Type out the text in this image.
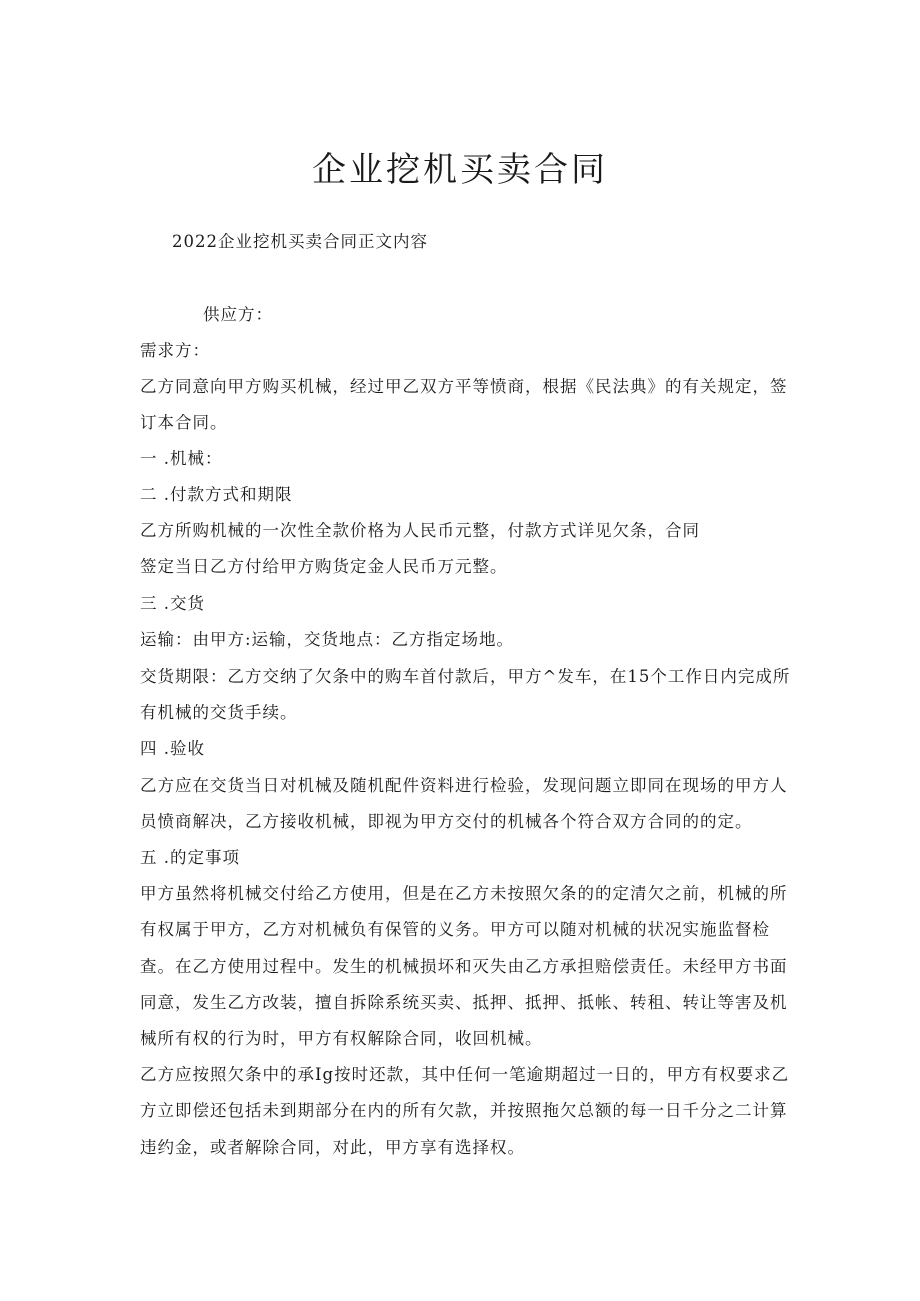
企业挖机买卖合同
2022企业挖机买卖合同正文内容
供应方：
需求方：
乙方同意向甲方购买机械，经过甲乙双方平等愤商，根据《民法典》的有关规定，签
订本合同。
一 .机械：
二 .付款方式和期限
乙方所购机械的一次性全款价格为人民币元整，付款方式详见欠条，合同
签定当日乙方付给甲方购货定金人民币万元整。
三 .交货
运输：由甲方:运输，交货地点：乙方指定场地。
交货期限：乙方交纳了欠条中的购车首付款后，甲方^发车，在15个工作日内完成所
有机械的交货手续。
四 .验收
乙方应在交货当日对机械及随机配件资料进行检验，发现问题立即同在现场的甲方人
员愤商解决，乙方接收机械，即视为甲方交付的机械各个符合双方合同的的定。
五 .的定事项
甲方虽然将机械交付给乙方使用，但是在乙方未按照欠条的的定清欠之前，机械的所
有权属于甲方，乙方对机械负有保管的义务。甲方可以随对机械的状况实施监督检
查。在乙方使用过程中。发生的机械损坏和灭失由乙方承担赔偿责任。未经甲方书面
同意，发生乙方改装，擅自拆除系统买卖、抵押、抵押、抵帐、转租、转让等害及机
械所有权的行为时，甲方有权解除合同，收回机械。
乙方应按照欠条中的承Ig按时还款，其中任何一笔逾期超过一日的，甲方有权要求乙
方立即偿还包括未到期部分在内的所有欠款，并按照拖欠总额的每一日千分之二计算
违约金，或者解除合同，对此，甲方享有选择权。
